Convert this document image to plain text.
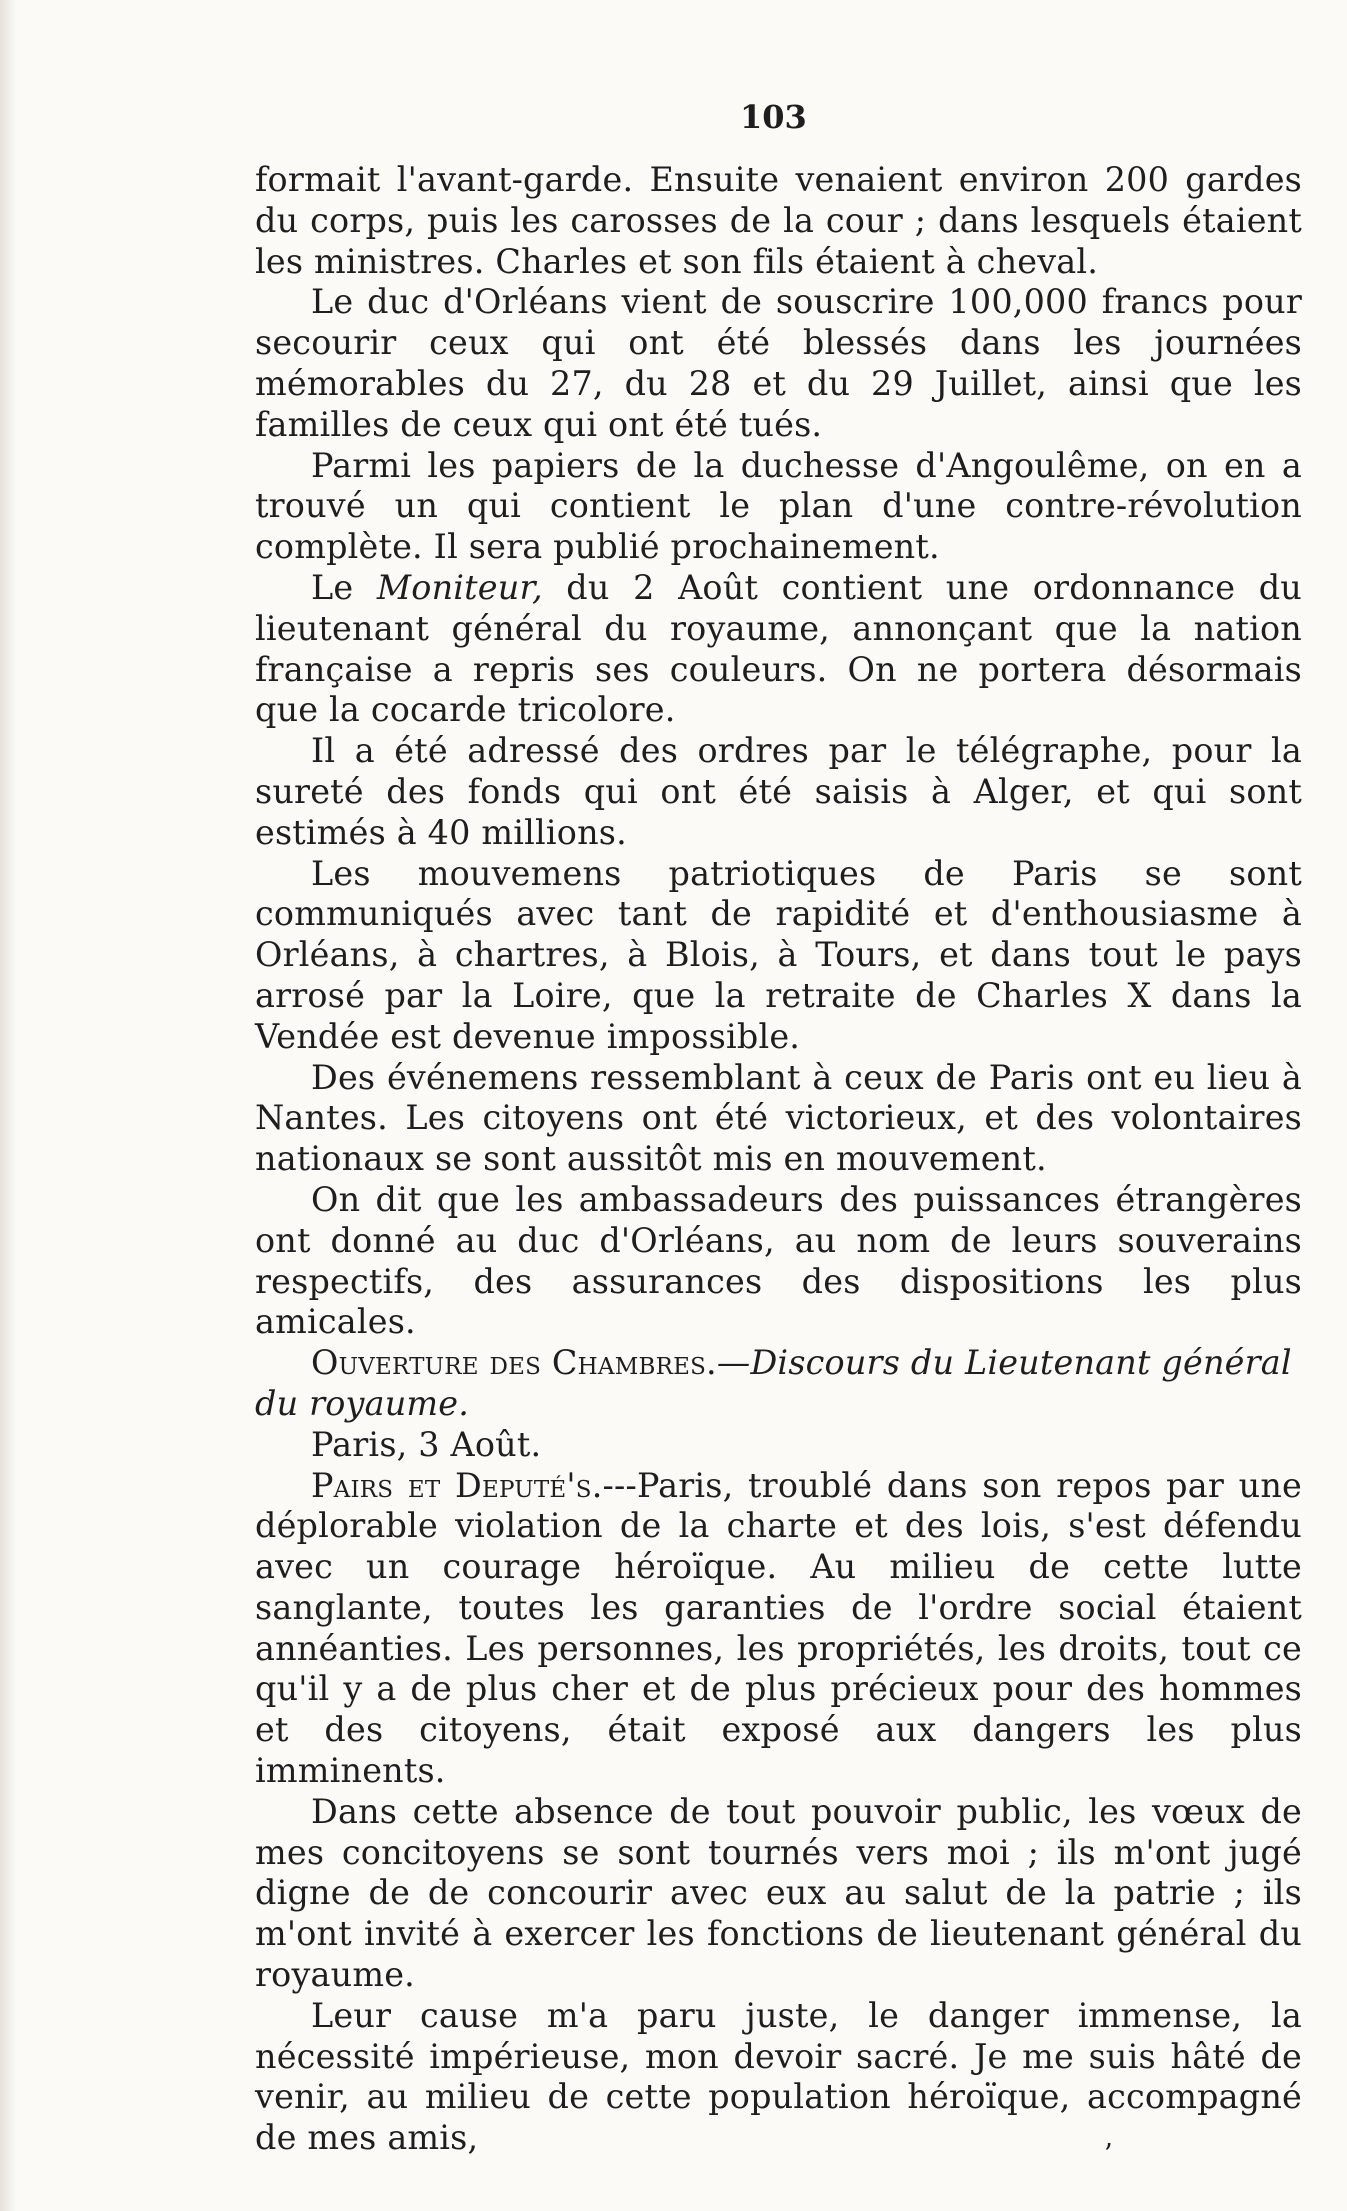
103

formait l'avant-garde. Ensuite venaient environ 200 gardes du corps, puis les carosses de la cour ; dans lesquels étaient les ministres. Charles et son fils étaient à cheval.

Le duc d'Orléans vient de souscrire 100,000 francs pour secourir ceux qui ont été blessés dans les journées mémorables du 27, du 28 et du 29 Juillet, ainsi que les familles de ceux qui ont été tués.

Parmi les papiers de la duchesse d'Angoulême, on en a trouvé un qui contient le plan d'une contre-révolution complète. Il sera publié prochainement.

Le Moniteur, du 2 Août contient une ordonnance du lieutenant général du royaume, annonçant que la nation française a repris ses couleurs. On ne portera désormais que la cocarde tricolore.

Il a été adressé des ordres par le télégraphe, pour la sureté des fonds qui ont été saisis à Alger, et qui sont estimés à 40 millions.

Les mouvemens patriotiques de Paris se sont communiqués avec tant de rapidité et d'enthousiasme à Orléans, à chartres, à Blois, à Tours, et dans tout le pays arrosé par la Loire, que la retraite de Charles X dans la Vendée est devenue impossible.

Des événemens ressemblant à ceux de Paris ont eu lieu à Nantes. Les citoyens ont été victorieux, et des volontaires nationaux se sont aussitôt mis en mouvement.

On dit que les ambassadeurs des puissances étrangères ont donné au duc d'Orléans, au nom de leurs souverains respectifs, des assurances des dispositions les plus amicales.

Ouverture des Chambres.—Discours du Lieutenant général du royaume.

Paris, 3 Août.

Pairs et Deputé's.---Paris, troublé dans son repos par une déplorable violation de la charte et des lois, s'est défendu avec un courage héroïque. Au milieu de cette lutte sanglante, toutes les garanties de l'ordre social étaient annéanties. Les personnes, les propriétés, les droits, tout ce qu'il y a de plus cher et de plus précieux pour des hommes et des citoyens, était exposé aux dangers les plus imminents.

Dans cette absence de tout pouvoir public, les vœux de mes concitoyens se sont tournés vers moi ; ils m'ont jugé digne de de concourir avec eux au salut de la patrie ; ils m'ont invité à exercer les fonctions de lieutenant général du royaume.

Leur cause m'a paru juste, le danger immense, la nécessité impérieuse, mon devoir sacré. Je me suis hâté de venir, au milieu de cette population héroïque, accompagné de mes amis,	ʼ
